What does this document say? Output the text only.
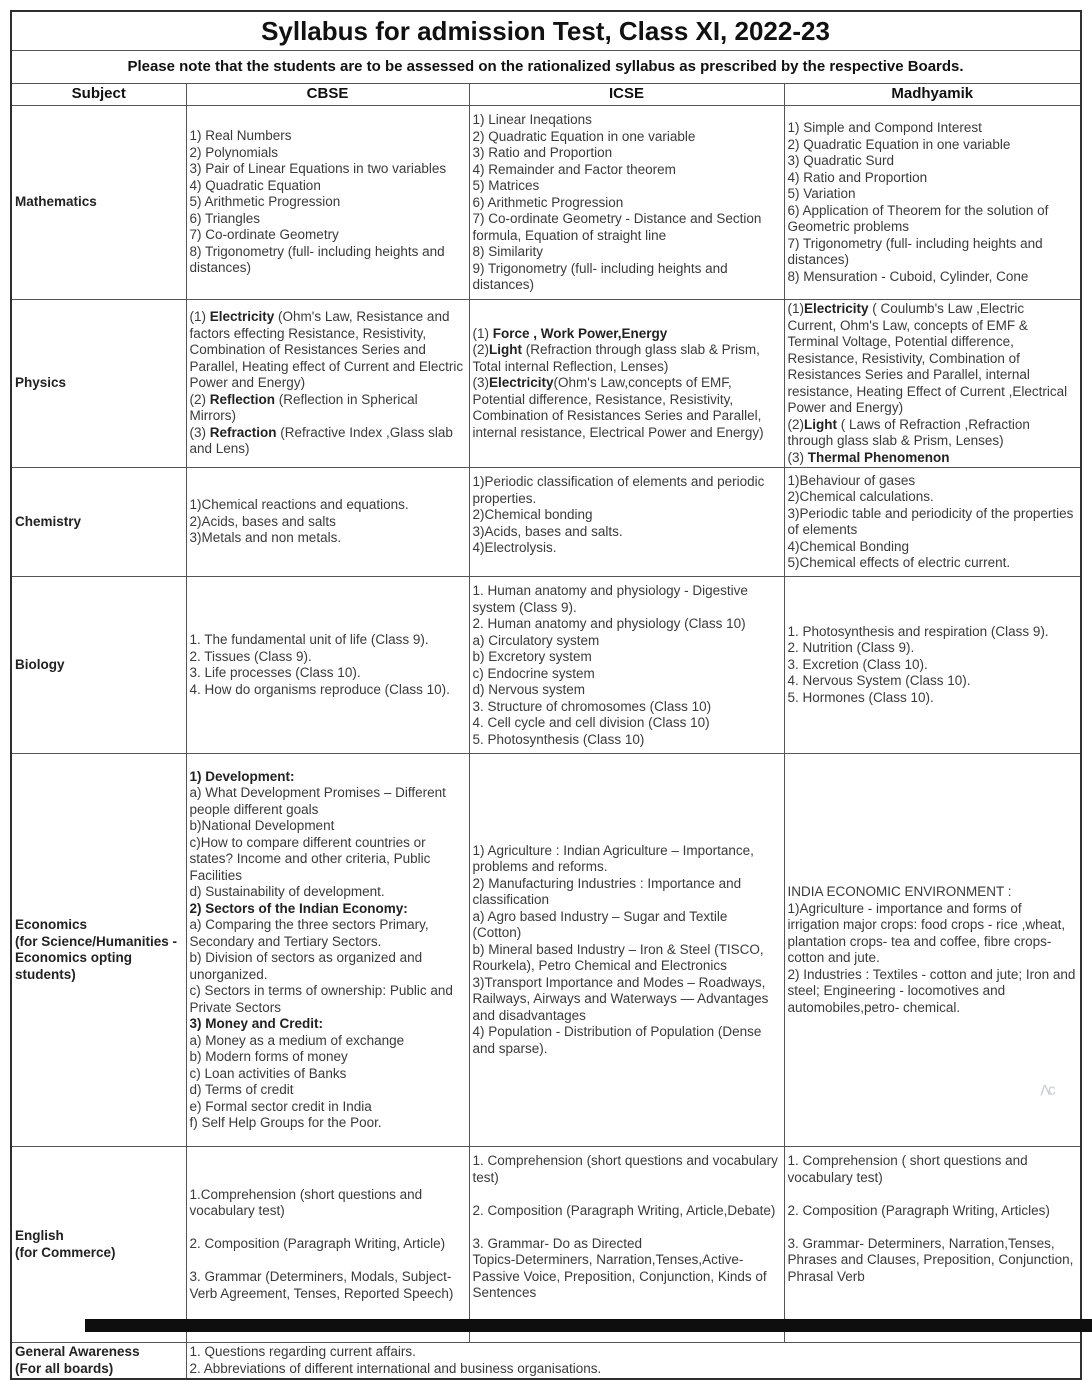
Syllabus for admission Test, Class XI, 2022-23			
Please note that the students are to be assessed on the rationalized syllabus as prescribed by the respective Boards.			
Subject	CBSE	ICSE	Madhyamik
Mathematics	1) Real Numbers
2) Polynomials
3) Pair of Linear Equations in two variables
4) Quadratic Equation
5) Arithmetic Progression
6) Triangles
7) Co-ordinate Geometry
8) Trigonometry (full- including heights and distances)	1) Linear Ineqations
2) Quadratic Equation in one variable
3) Ratio and Proportion
4) Remainder and Factor theorem
5) Matrices
6) Arithmetic Progression
7) Co-ordinate Geometry - Distance and Section formula, Equation of straight line
8) Similarity
9) Trigonometry (full- including heights and distances)	1) Simple and Compond Interest
2) Quadratic Equation in one variable
3) Quadratic Surd
4) Ratio and Proportion
5) Variation
6) Application of Theorem for the solution of Geometric problems
7) Trigonometry (full- including heights and distances)
8) Mensuration - Cuboid, Cylinder, Cone
Physics	(1) Electricity (Ohm's Law, Resistance and factors effecting Resistance, Resistivity, Combination of Resistances Series and Parallel, Heating effect of Current and Electric Power and Energy)
(2) Reflection (Reflection in Spherical Mirrors)
(3) Refraction (Refractive Index ,Glass slab and Lens)	(1) Force , Work Power,Energy
(2)Light (Refraction through glass slab & Prism, Total internal Reflection, Lenses)
(3)Electricity(Ohm's Law,concepts of EMF, Potential difference, Resistance, Resistivity, Combination of Resistances Series and Parallel, internal resistance, Electrical Power and Energy)	(1)Electricity ( Coulumb's Law ,Electric Current, Ohm's Law, concepts of EMF & Terminal Voltage, Potential difference, Resistance, Resistivity, Combination of Resistances Series and Parallel, internal resistance, Heating Effect of Current ,Electrical Power and Energy)
(2)Light ( Laws of Refraction ,Refraction through glass slab & Prism, Lenses)
(3) Thermal Phenomenon
Chemistry	1)Chemical reactions and equations.
2)Acids, bases and salts
3)Metals and non metals.	1)Periodic classification of elements and periodic properties.
2)Chemical bonding
3)Acids, bases and salts.
4)Electrolysis.	1)Behaviour of gases
2)Chemical calculations.
3)Periodic table and periodicity of the properties of elements
4)Chemical Bonding
5)Chemical effects of electric current.
Biology	1. The fundamental unit of life (Class 9).
2. Tissues (Class 9).
3. Life processes (Class 10).
4. How do organisms reproduce (Class 10).	1. Human anatomy and physiology - Digestive system (Class 9).
2. Human anatomy and physiology (Class 10)
a) Circulatory system
b) Excretory system
c) Endocrine system
d) Nervous system
3. Structure of chromosomes (Class 10)
4. Cell cycle and cell division (Class 10)
5. Photosynthesis (Class 10)	1. Photosynthesis and respiration (Class 9).
2. Nutrition (Class 9).
3. Excretion (Class 10).
4. Nervous System (Class 10).
5. Hormones (Class 10).
Economics
(for Science/Humanities - Economics opting students)	1) Development:
a) What Development Promises – Different people different goals
b)National Development
c)How to compare different countries or states? Income and other criteria, Public Facilities
d) Sustainability of development.
2) Sectors of the Indian Economy:
a) Comparing the three sectors Primary, Secondary and Tertiary Sectors.
b) Division of sectors as organized and unorganized.
c) Sectors in terms of ownership: Public and Private Sectors
3) Money and Credit:
a) Money as a medium of exchange
b) Modern forms of money
c) Loan activities of Banks
d) Terms of credit
e) Formal sector credit in India
f) Self Help Groups for the Poor.	1) Agriculture : Indian Agriculture – Importance, problems and reforms.
2) Manufacturing Industries : Importance and classification
a) Agro based Industry – Sugar and Textile (Cotton)
b) Mineral based Industry – Iron & Steel (TISCO, Rourkela), Petro Chemical and Electronics
3)Transport Importance and Modes – Roadways, Railways, Airways and Waterways — Advantages and disadvantages
4) Population - Distribution of Population (Dense and sparse).	INDIA ECONOMIC ENVIRONMENT :
1)Agriculture - importance and forms of irrigation major crops: food crops - rice ,wheat, plantation crops- tea and coffee, fibre crops- cotton and jute.
2) Industries : Textiles - cotton and jute; Iron and steel; Engineering - locomotives and automobiles,petro- chemical.
English
(for Commerce)	1.Comprehension (short questions and vocabulary test)

2. Composition (Paragraph Writing, Article)

3. Grammar (Determiners, Modals, Subject-Verb Agreement, Tenses, Reported Speech)	1. Comprehension (short questions and vocabulary test)

2. Composition (Paragraph Writing, Article,Debate)

3. Grammar- Do as Directed
Topics-Determiners, Narration,Tenses,Active-Passive Voice, Preposition, Conjunction, Kinds of Sentences	1. Comprehension ( short questions and vocabulary test)

2. Composition (Paragraph Writing, Articles)

3. Grammar- Determiners, Narration,Tenses, Phrases and Clauses, Preposition, Conjunction, Phrasal Verb
General Awareness
(For all boards)	1. Questions regarding current affairs.
2. Abbreviations of different international and business organisations.		
Λc
